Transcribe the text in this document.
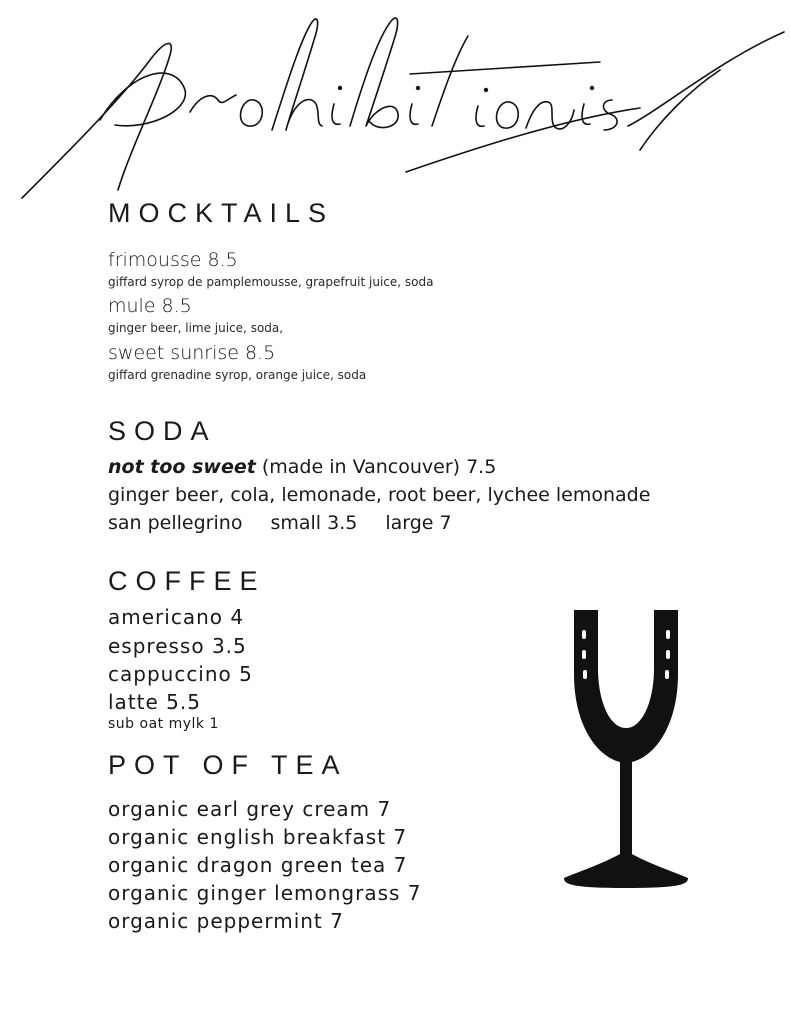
MOCKTAILS

frimousse 8.5

giffard syrop de pamplemousse, grapefruit juice, soda

mule 8.5

ginger beer, lime juice, soda,

sweet sunrise 8.5

giffard grenadine syrop, orange juice, soda

SODA

not too sweet (made in Vancouver) 7.5

ginger beer, cola, lemonade, root beer, lychee lemonade

san pellegrino small 3.5 large 7

COFFEE

americano 4

espresso 3.5

cappuccino 5

latte 5.5

sub oat mylk 1

POT OF TEA

organic earl grey cream 7

organic english breakfast 7

organic dragon green tea 7

organic ginger lemongrass 7

organic peppermint 7
